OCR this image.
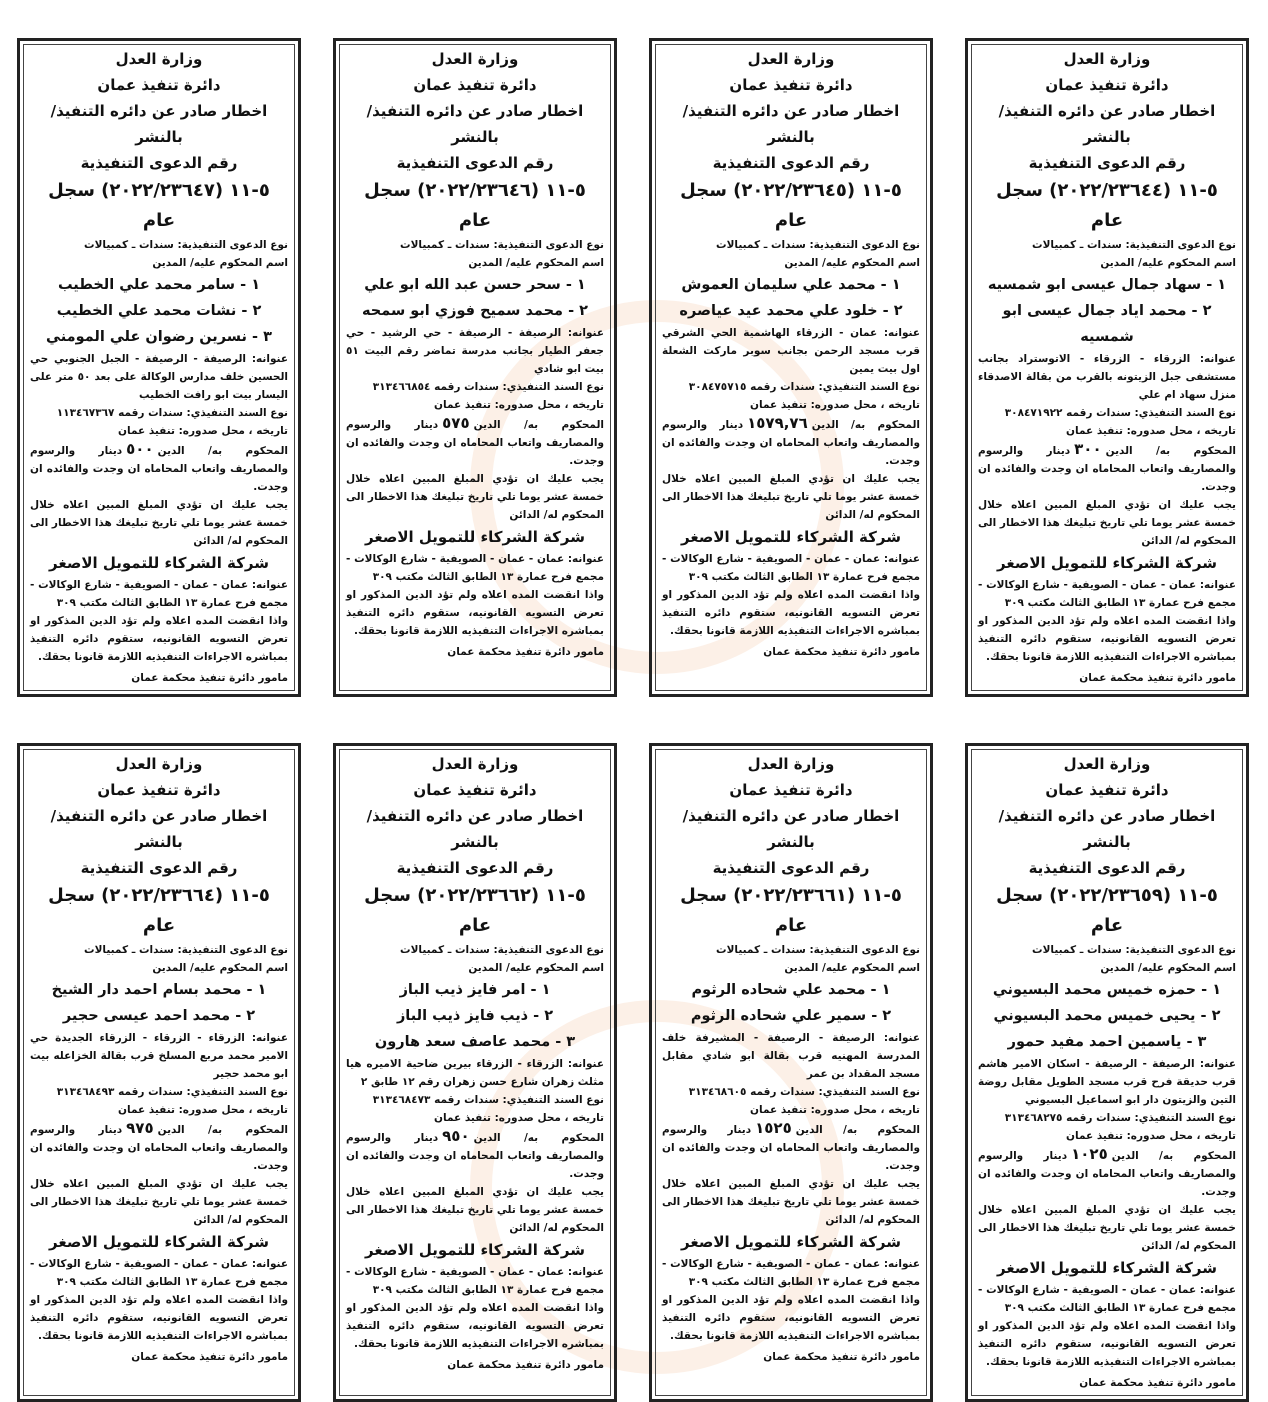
وزارة العدل
دائرة تنفيذ عمان
اخطار صادر عن دائره التنفيذ/ بالنشر
رقم الدعوى التنفيذية
٥-١١ (٢٠٢٢/٢٣٦٤٤) سجل عام
نوع الدعوى التنفيذية: سندات ـ كمبيالات
اسم المحكوم عليه/ المدين
١ - سهاد جمال عيسى ابو شمسيه
٢ - محمد اياد جمال عيسى ابو شمسيه
عنوانه: الزرقاء - الزرقاء - الاتوستراد بجانب مستشفى جبل الزيتونه بالقرب من بقالة الاصدقاء منزل سهاد ام علي
نوع السند التنفيذي: سندات رقمه ٣٠٨٤٧١٩٢٢
تاريخه ، محل صدوره: تنفيذ عمان
المحكوم به/ الدين٣٠٠دينار والرسوم والمصاريف واتعاب المحاماه ان وجدت والفائده ان وجدت.
يجب عليك ان تؤدي المبلغ المبين اعلاه خلال خمسة عشر يوما تلي تاريخ تبليغك هذا الاخطار الى المحكوم له/ الدائن
شركة الشركاء للتمويل الاصغر
عنوانه: عمان - عمان - الصويفية - شارع الوكالات - مجمع فرح عمارة ١٣ الطابق الثالث مكتب ٣٠٩
واذا انقضت المده اعلاه ولم تؤد الدين المذكور او تعرض التسويه القانونيه، ستقوم دائره التنفيذ بمباشره الاجراءات التنفيذيه اللازمة قانونا بحقك.
مامور دائرة تنفيذ محكمة عمان
وزارة العدل
دائرة تنفيذ عمان
اخطار صادر عن دائره التنفيذ/ بالنشر
رقم الدعوى التنفيذية
٥-١١ (٢٠٢٢/٢٣٦٤٥) سجل عام
نوع الدعوى التنفيذية: سندات ـ كمبيالات
اسم المحكوم عليه/ المدين
١ - محمد علي سليمان العموش
٢ - خلود علي محمد عيد عياصره
عنوانه: عمان - الزرقاء الهاشمية الحي الشرقي قرب مسجد الرحمن بجانب سوبر ماركت الشعلة اول بيت يمين
نوع السند التنفيذي: سندات رقمه ٣٠٨٤٧٥٧١٥
تاريخه ، محل صدوره: تنفيذ عمان
المحكوم به/ الدين١٥٧٩,٧٦دينار والرسوم والمصاريف واتعاب المحاماه ان وجدت والفائده ان وجدت.
يجب عليك ان تؤدي المبلغ المبين اعلاه خلال خمسة عشر يوما تلي تاريخ تبليغك هذا الاخطار الى المحكوم له/ الدائن
شركة الشركاء للتمويل الاصغر
عنوانه: عمان - عمان - الصويفية - شارع الوكالات - مجمع فرح عمارة ١٣ الطابق الثالث مكتب ٣٠٩
واذا انقضت المده اعلاه ولم تؤد الدين المذكور او تعرض التسويه القانونيه، ستقوم دائره التنفيذ بمباشره الاجراءات التنفيذيه اللازمة قانونا بحقك.
مامور دائرة تنفيذ محكمة عمان
وزارة العدل
دائرة تنفيذ عمان
اخطار صادر عن دائره التنفيذ/ بالنشر
رقم الدعوى التنفيذية
٥-١١ (٢٠٢٢/٢٣٦٤٦) سجل عام
نوع الدعوى التنفيذية: سندات ـ كمبيالات
اسم المحكوم عليه/ المدين
١ - سحر حسن عبد الله ابو علي
٢ - محمد سميح فوزي ابو سمحه
عنوانه: الرصيفة - الرصيفة - حي الرشيد - حي جعفر الطيار بجانب مدرسة تماضر رقم البيت ٥١ بيت ابو شادي
نوع السند التنفيذي: سندات رقمه ٣١٣٤٦٦٨٥٤
تاريخه ، محل صدوره: تنفيذ عمان
المحكوم به/ الدين٥٧٥دينار والرسوم والمصاريف واتعاب المحاماه ان وجدت والفائده ان وجدت.
يجب عليك ان تؤدي المبلغ المبين اعلاه خلال خمسة عشر يوما تلي تاريخ تبليغك هذا الاخطار الى المحكوم له/ الدائن
شركة الشركاء للتمويل الاصغر
عنوانه: عمان - عمان - الصويفية - شارع الوكالات - مجمع فرح عمارة ١٣ الطابق الثالث مكتب ٣٠٩
واذا انقضت المده اعلاه ولم تؤد الدين المذكور او تعرض التسويه القانونيه، ستقوم دائره التنفيذ بمباشره الاجراءات التنفيذيه اللازمة قانونا بحقك.
مامور دائرة تنفيذ محكمة عمان
وزارة العدل
دائرة تنفيذ عمان
اخطار صادر عن دائره التنفيذ/ بالنشر
رقم الدعوى التنفيذية
٥-١١ (٢٠٢٢/٢٣٦٤٧) سجل عام
نوع الدعوى التنفيذية: سندات ـ كمبيالات
اسم المحكوم عليه/ المدين
١ - سامر محمد علي الخطيب
٢ - نشات محمد علي الخطيب
٣ - نسرين رضوان علي المومني
عنوانه: الرصيفة - الرصيفة - الجبل الجنوبي حي الحسين خلف مدارس الوكالة على بعد ٥٠ متر على اليسار بيت ابو رافت الخطيب
نوع السند التنفيذي: سندات رقمه ١١٣٤٦٧٣٦٧
تاريخه ، محل صدوره: تنفيذ عمان
المحكوم به/ الدين٥٠٠دينار والرسوم والمصاريف واتعاب المحاماه ان وجدت والفائده ان وجدت.
يجب عليك ان تؤدي المبلغ المبين اعلاه خلال خمسة عشر يوما تلي تاريخ تبليغك هذا الاخطار الى المحكوم له/ الدائن
شركة الشركاء للتمويل الاصغر
عنوانه: عمان - عمان - الصويفية - شارع الوكالات - مجمع فرح عمارة ١٣ الطابق الثالث مكتب ٣٠٩
واذا انقضت المده اعلاه ولم تؤد الدين المذكور او تعرض التسويه القانونيه، ستقوم دائره التنفيذ بمباشره الاجراءات التنفيذيه اللازمة قانونا بحقك.
مامور دائرة تنفيذ محكمة عمان
وزارة العدل
دائرة تنفيذ عمان
اخطار صادر عن دائره التنفيذ/ بالنشر
رقم الدعوى التنفيذية
٥-١١ (٢٠٢٢/٢٣٦٥٩) سجل عام
نوع الدعوى التنفيذية: سندات ـ كمبيالات
اسم المحكوم عليه/ المدين
١ - حمزه خميس محمد البسيوني
٢ - يحيى خميس محمد البسيوني
٣ - ياسمين احمد مفيد حمور
عنوانه: الرصيفة - الرصيفة - اسكان الامير هاشم قرب حديقة فرح قرب مسجد الطويل مقابل روضة التين والزيتون دار ابو اسماعيل البسيوني
نوع السند التنفيذي: سندات رقمه ٣١٣٤٦٨٢٧٥
تاريخه ، محل صدوره: تنفيذ عمان
المحكوم به/ الدين١٠٢٥دينار والرسوم والمصاريف واتعاب المحاماه ان وجدت والفائده ان وجدت.
يجب عليك ان تؤدي المبلغ المبين اعلاه خلال خمسة عشر يوما تلي تاريخ تبليغك هذا الاخطار الى المحكوم له/ الدائن
شركة الشركاء للتمويل الاصغر
عنوانه: عمان - عمان - الصويفية - شارع الوكالات - مجمع فرح عمارة ١٣ الطابق الثالث مكتب ٣٠٩
واذا انقضت المده اعلاه ولم تؤد الدين المذكور او تعرض التسويه القانونيه، ستقوم دائره التنفيذ بمباشره الاجراءات التنفيذيه اللازمة قانونا بحقك.
مامور دائرة تنفيذ محكمة عمان
وزارة العدل
دائرة تنفيذ عمان
اخطار صادر عن دائره التنفيذ/ بالنشر
رقم الدعوى التنفيذية
٥-١١ (٢٠٢٢/٢٣٦٦١) سجل عام
نوع الدعوى التنفيذية: سندات ـ كمبيالات
اسم المحكوم عليه/ المدين
١ - محمد علي شحاده الرثوم
٢ - سمير علي شحاده الرثوم
عنوانه: الرصيفة - الرصيفة - المشيرفة خلف المدرسة المهنيه قرب بقالة ابو شادي مقابل مسجد المقداد بن عمر
نوع السند التنفيذي: سندات رقمه ٣١٣٤٦٨٦٠٥
تاريخه ، محل صدوره: تنفيذ عمان
المحكوم به/ الدين١٥٢٥دينار والرسوم والمصاريف واتعاب المحاماه ان وجدت والفائده ان وجدت.
يجب عليك ان تؤدي المبلغ المبين اعلاه خلال خمسة عشر يوما تلي تاريخ تبليغك هذا الاخطار الى المحكوم له/ الدائن
شركة الشركاء للتمويل الاصغر
عنوانه: عمان - عمان - الصويفية - شارع الوكالات - مجمع فرح عمارة ١٣ الطابق الثالث مكتب ٣٠٩
واذا انقضت المده اعلاه ولم تؤد الدين المذكور او تعرض التسويه القانونيه، ستقوم دائره التنفيذ بمباشره الاجراءات التنفيذيه اللازمة قانونا بحقك.
مامور دائرة تنفيذ محكمة عمان
وزارة العدل
دائرة تنفيذ عمان
اخطار صادر عن دائره التنفيذ/ بالنشر
رقم الدعوى التنفيذية
٥-١١ (٢٠٢٢/٢٣٦٦٢) سجل عام
نوع الدعوى التنفيذية: سندات ـ كمبيالات
اسم المحكوم عليه/ المدين
١ - امر فايز ذيب الباز
٢ - ذيب فايز ذيب الباز
٣ - محمد عاصف سعد هارون
عنوانه: الزرقاء - الزرقاء بيرين ضاحية الاميره هيا مثلث زهران شارع حسن زهران رقم ١٢ طابق ٢
نوع السند التنفيذي: سندات رقمه ٣١٣٤٦٨٤٧٣
تاريخه ، محل صدوره: تنفيذ عمان
المحكوم به/ الدين٩٥٠دينار والرسوم والمصاريف واتعاب المحاماه ان وجدت والفائده ان وجدت.
يجب عليك ان تؤدي المبلغ المبين اعلاه خلال خمسة عشر يوما تلي تاريخ تبليغك هذا الاخطار الى المحكوم له/ الدائن
شركة الشركاء للتمويل الاصغر
عنوانه: عمان - عمان - الصويفية - شارع الوكالات - مجمع فرح عمارة ١٣ الطابق الثالث مكتب ٣٠٩
واذا انقضت المده اعلاه ولم تؤد الدين المذكور او تعرض التسويه القانونيه، ستقوم دائره التنفيذ بمباشره الاجراءات التنفيذيه اللازمة قانونا بحقك.
مامور دائرة تنفيذ محكمة عمان
وزارة العدل
دائرة تنفيذ عمان
اخطار صادر عن دائره التنفيذ/ بالنشر
رقم الدعوى التنفيذية
٥-١١ (٢٠٢٢/٢٣٦٦٤) سجل عام
نوع الدعوى التنفيذية: سندات ـ كمبيالات
اسم المحكوم عليه/ المدين
١ - محمد بسام احمد دار الشيخ
٢ - محمد احمد عيسى حجير
عنوانه: الزرقاء - الزرقاء - الزرقاء الجديدة حي الامير محمد مربع المسلخ قرب بقالة الخزاعله بيت ابو محمد حجير
نوع السند التنفيذي: سندات رقمه ٣١٣٤٦٨٤٩٣
تاريخه ، محل صدوره: تنفيذ عمان
المحكوم به/ الدين٩٧٥دينار والرسوم والمصاريف واتعاب المحاماه ان وجدت والفائده ان وجدت.
يجب عليك ان تؤدي المبلغ المبين اعلاه خلال خمسة عشر يوما تلي تاريخ تبليغك هذا الاخطار الى المحكوم له/ الدائن
شركة الشركاء للتمويل الاصغر
عنوانه: عمان - عمان - الصويفية - شارع الوكالات - مجمع فرح عمارة ١٣ الطابق الثالث مكتب ٣٠٩
واذا انقضت المده اعلاه ولم تؤد الدين المذكور او تعرض التسويه القانونيه، ستقوم دائره التنفيذ بمباشره الاجراءات التنفيذيه اللازمة قانونا بحقك.
مامور دائرة تنفيذ محكمة عمان
